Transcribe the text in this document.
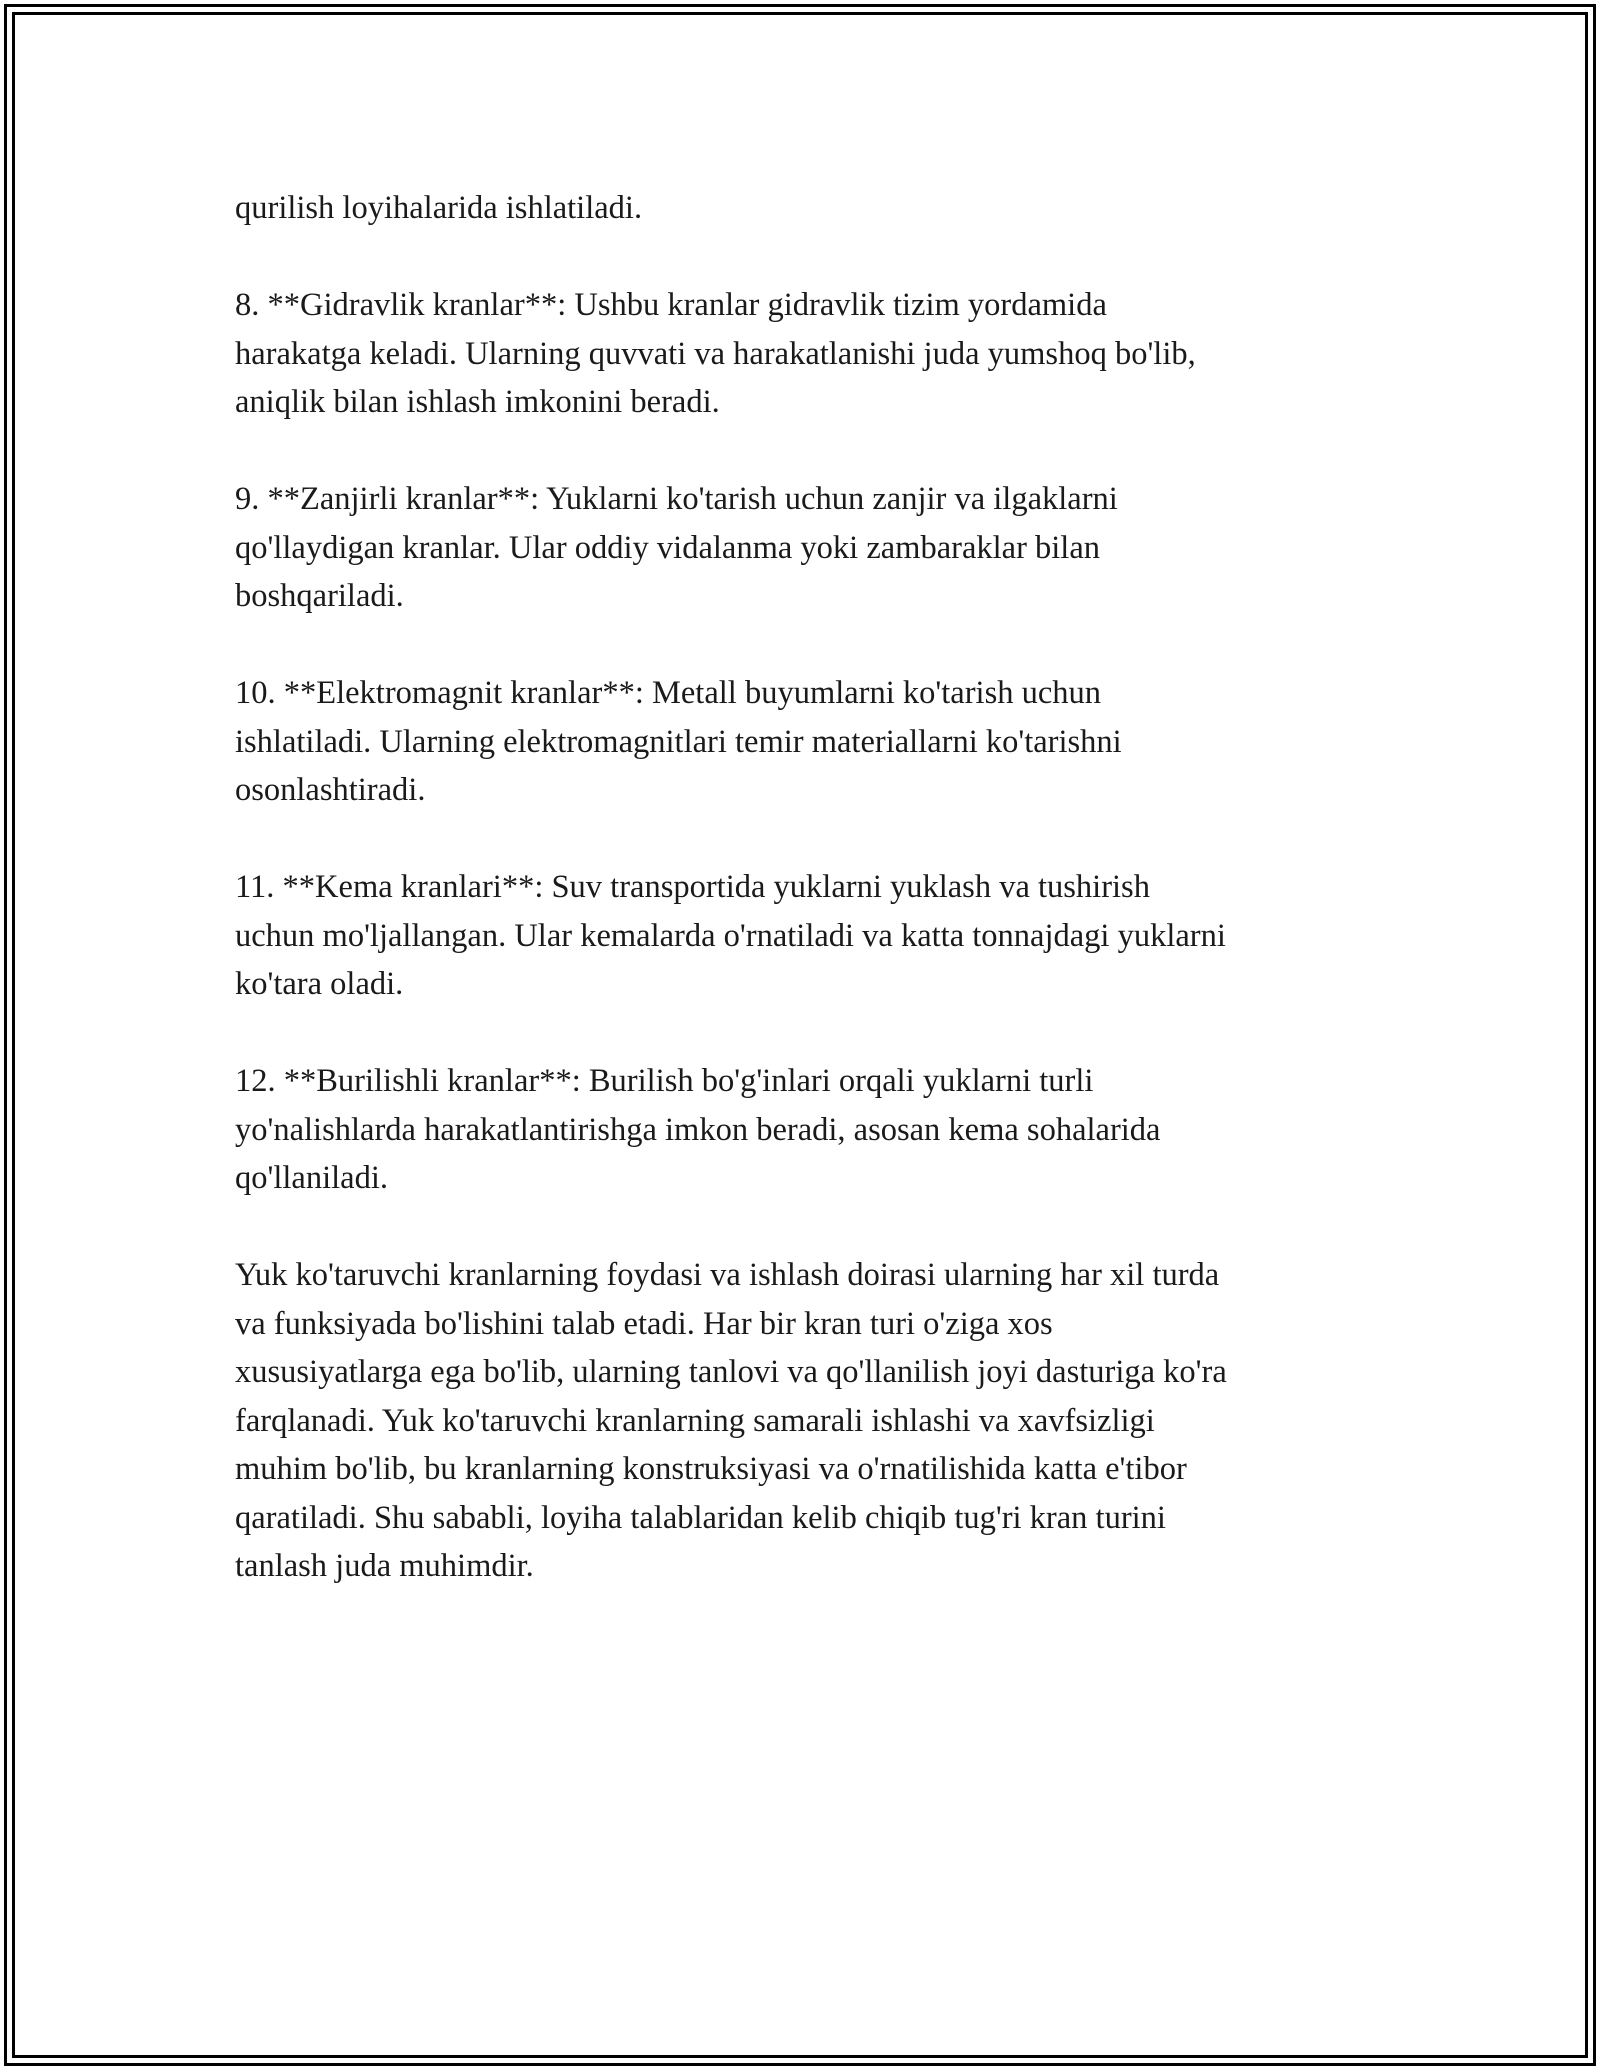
qurilish loyihalarida ishlatiladi.

8. **Gidravlik kranlar**: Ushbu kranlar gidravlik tizim yordamida
harakatga keladi. Ularning quvvati va harakatlanishi juda yumshoq bo'lib,
aniqlik bilan ishlash imkonini beradi.

9. **Zanjirli kranlar**: Yuklarni ko'tarish uchun zanjir va ilgaklarni
qo'llaydigan kranlar. Ular oddiy vidalanma yoki zambaraklar bilan
boshqariladi.

10. **Elektromagnit kranlar**: Metall buyumlarni ko'tarish uchun
ishlatiladi. Ularning elektromagnitlari temir materiallarni ko'tarishni
osonlashtiradi.

11. **Kema kranlari**: Suv transportida yuklarni yuklash va tushirish
uchun mo'ljallangan. Ular kemalarda o'rnatiladi va katta tonnajdagi yuklarni
ko'tara oladi.

12. **Burilishli kranlar**: Burilish bo'g'inlari orqali yuklarni turli
yo'nalishlarda harakatlantirishga imkon beradi, asosan kema sohalarida
qo'llaniladi.

Yuk ko'taruvchi kranlarning foydasi va ishlash doirasi ularning har xil turda
va funksiyada bo'lishini talab etadi. Har bir kran turi o'ziga xos
xususiyatlarga ega bo'lib, ularning tanlovi va qo'llanilish joyi dasturiga ko'ra
farqlanadi. Yuk ko'taruvchi kranlarning samarali ishlashi va xavfsizligi
muhim bo'lib, bu kranlarning konstruksiyasi va o'rnatilishida katta e'tibor
qaratiladi. Shu sababli, loyiha talablaridan kelib chiqib tug'ri kran turini
tanlash juda muhimdir.
